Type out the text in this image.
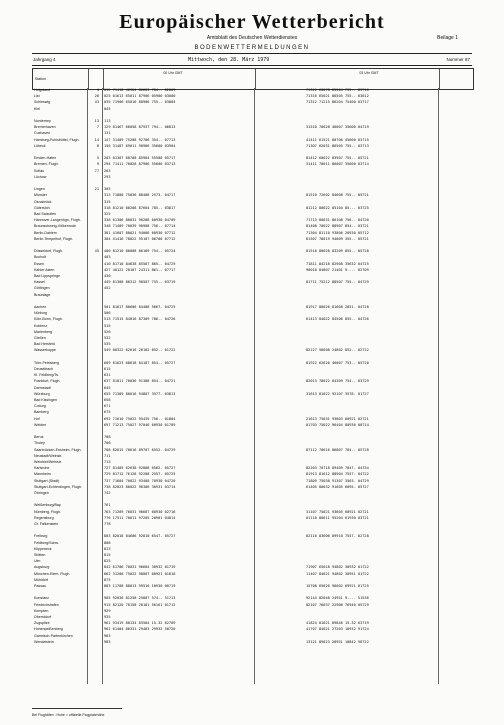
Europäischer Wetterbericht
Amtsblatt des Deutschen Wetterdienstes	Beilage 1
BODENWETTERMELDUNGEN
Jahrgang 4	Mittwoch, den 28. März 1979	Nummer 87
Station
00 Uhr GMT	03 Uhr GMT
Helgoland	4 015 71418 46904 86603 784-- 82809	71312 60078 85504 755-- 83716
List	26 025 01613 65011 87906 05900 03000	71316 65021 86505 755-- 03812
Schleswig	43 035 71906 65016 88906 755-- 03804	71312 71215 86204 75400 03717
Kiel	045
Norderney	13 113
Bremerhaven	7 129 81467 66058 87937 794-- 06813	31510 70028 46007 35600 04719
Cuxhaven	131
Hamburg-Fuhlsbüttel, Flugh.	14 147 31409 75208 92706 354-- 07713	41411 61521 80706 45600 03715
Lübeck	8 156 31407 69011 90906 35600 03904	71307 62031 86505 755-- 03713
Emden-Hafen	5 203 01307 60708 85904 55500 05717	81412 60022 83907 755-- 05721
Bremen, Flugh.	9 294 71411 70028 87906 55600 03713	31411 70011 86007 35600 03714
Soltau	77 263
Lüchow	293
Lingen	21 305
Münster	313 71808 75036 88408 2573- 04717	81510 72602 84608 755-- 05721
Osnabrück	315
Gütersloh	318 81210 80208 87604 785-- 03817	81212 80022 85104 85--- 03725
Bad Salzuflen	325
Hannover-Langenhgn, Flugh.	338 61306 80031 90208 60930 04709	71713 80031 86108 756-- 04720
Braunschweig-Völkenrode	348 71409 70039 90908 756-- 07714	81408 70022 88907 854-- 03721
Berlin-Dahlem	381 41607 80021 94006 60930 07712	71304 81110 93806 20930 05712
Berlin-Tempelhof, Flugh.	384 41416 78022 95107 06700 07712	81507 78019 94009 355-- 05721
Düsseldorf, Flugh.	45 400 81210 80008 86109 754-- 05724	81516 80028 83209 855-- 05728
Bocholt	403
Essen	410 81710 84638 85507 865-- 04729	71811 84218 82908 35632 04725
Kahler Asten	427 40122 20107 24311 861-- 07717	90018 84807 21401 9---- 02709
Bad Lippspringe	430
Kassel	449 81308 80312 90507 755-- 03719	81711 75212 88507 755-- 04729
Göttingen	452
Braunlage
Aachen	501 81617 80606 84408 5667- 04725	81917 80026 81608 2851- 04728
Nürburg	506
Köln-Bonn, Flugh.	513 71515 84016 87309 786-- 04726	61413 84022 84506 855-- 04726
Koblenz	515
Marienberg	526
Gießen	532
Bad Hersfeld	535
Wasserkuppe	549 80322 62616 26102 852-- 01722	82227 56608 24802 852-- 02722
Trier-Petrisberg	609 81623 68618 84107 854-- 05727	81922 62626 46007 753-- 05720
Deuselbach	615
Kl. Feldberg/Ts.	631
Frankfurt, Flugh.	637 81811 70036 91308 854-- 04721	82013 78022 84309 754-- 03729
Darmstadt	645
Würzburg	655 71309 80016 94807 3577- 03813	31613 81022 92107 3578- 01727
Bad Kissingen	658
Coburg	671
Bamberg	675
Hof	692 71610 75022 95435 756-- 01804	21613 75031 93803 60921 02721
Weiden	697 71213 75027 97046 60930 01709	01703 75022 96404 80930 00714
Berus	708
Tholey	706
Saarbrücken-Ensheim, Flugh.	708 82015 70616 89707 6552- 04729	87112 70616 86807 784-- 05728
Neustadt/Weinstr.	711
Weinbiet/Weinstr.	713
Karlsruhe	727 81405 62638 92808 6562- 05727	82203 70718 89409 7847- 04734
Mannheim	729 81712 76128 92208 2557- 05725	81913 81612 88904 7557- 04722
Stuttgart (Stadt)	737 71604 70022 93408 70930 04720	71809 75038 91307 3563- 04729
Stuttgart-Echterdingen, Flugh.	738 82023 80022 96306 30931 03714	61405 80032 91605 6095- 05727
Öhringen	742
Weißenburg/Bay.	761
Nürnberg, Flugh.	763 71209 76031 96607 60930 02716	31107 75021 93605 60921 02721
Regensburg	776 17511 70011 97205 20901 04814	01110 80611 95204 61930 03721
Gr. Falkenstein	778
Freiburg	803 82018 84606 92810 6547- 05727	82116 83606 89910 7557- 02728
Feldberg/Schw.	808
Klippeneck	813
Stötten	815
Ulm	825
Augsburg	842 61706 70031 96604 30932 01719	71907 65018 94802 30932 01722
München-Riem, Flugh.	862 31208 75022 98007 60921 01818	11407 84021 94802 30951 01722
Mühldorf	875
Passau	883 11708 88013 99510 10930 00719	15708 65026 96002 69921 01725
Konstanz	905 92036 81258 25807 574-- 51713	92144 82048 24951 9---- 51536
Friedrichshafen	915 82120 78158 28101 56161 01712	82107 76037 22906 76940 05729
Kempten	929
Oberstdorf	935
Zugspitze	961 93419 80134 83504 15-32 62709	41824 81021 89846 15-32 63719
Hohenpeißenberg	962 61404 80331 29483 29932 50720	41707 84021 27203 10932 91724
Garmisch-Partenkirchen	963
Wendelstein	983	13121 89023 28951 10842 58722
Bei Flughäfen : Hohe = offizielle Flugplatzhöhe
